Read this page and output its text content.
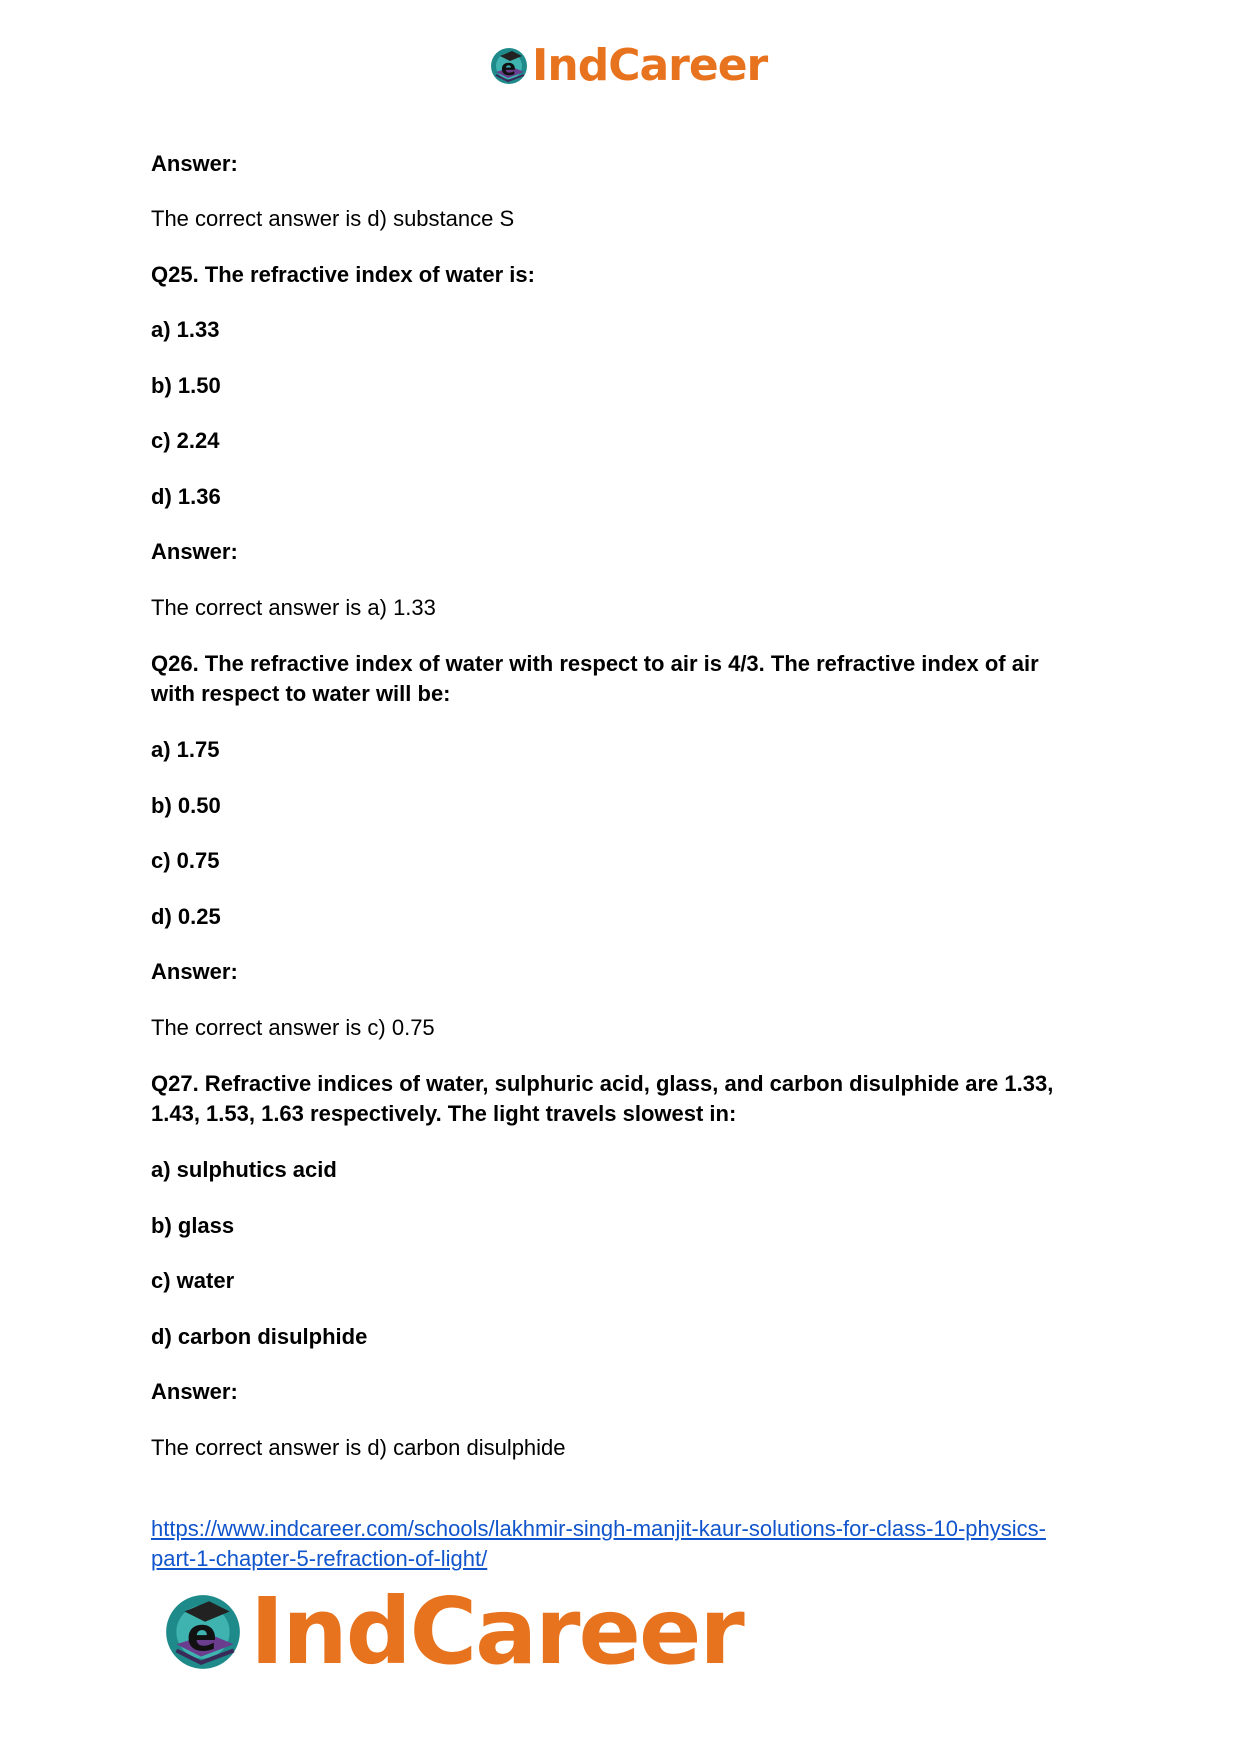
e IndCareer
Answer:
The correct answer is d) substance S
Q25. The refractive index of water is:
a) 1.33
b) 1.50
c) 2.24
d) 1.36
Answer:
The correct answer is a) 1.33
Q26. The refractive index of water with respect to air is 4/3. The refractive index of air
with respect to water will be:
a) 1.75
b) 0.50
c) 0.75
d) 0.25
Answer:
The correct answer is c) 0.75
Q27. Refractive indices of water, sulphuric acid, glass, and carbon disulphide are 1.33,
1.43, 1.53, 1.63 respectively. The light travels slowest in:
a) sulphutics acid
b) glass
c) water
d) carbon disulphide
Answer:
The correct answer is d) carbon disulphide
https://www.indcareer.com/schools/lakhmir-singh-manjit-kaur-solutions-for-class-10-physics-
part-1-chapter-5-refraction-of-light/
e IndCareer
